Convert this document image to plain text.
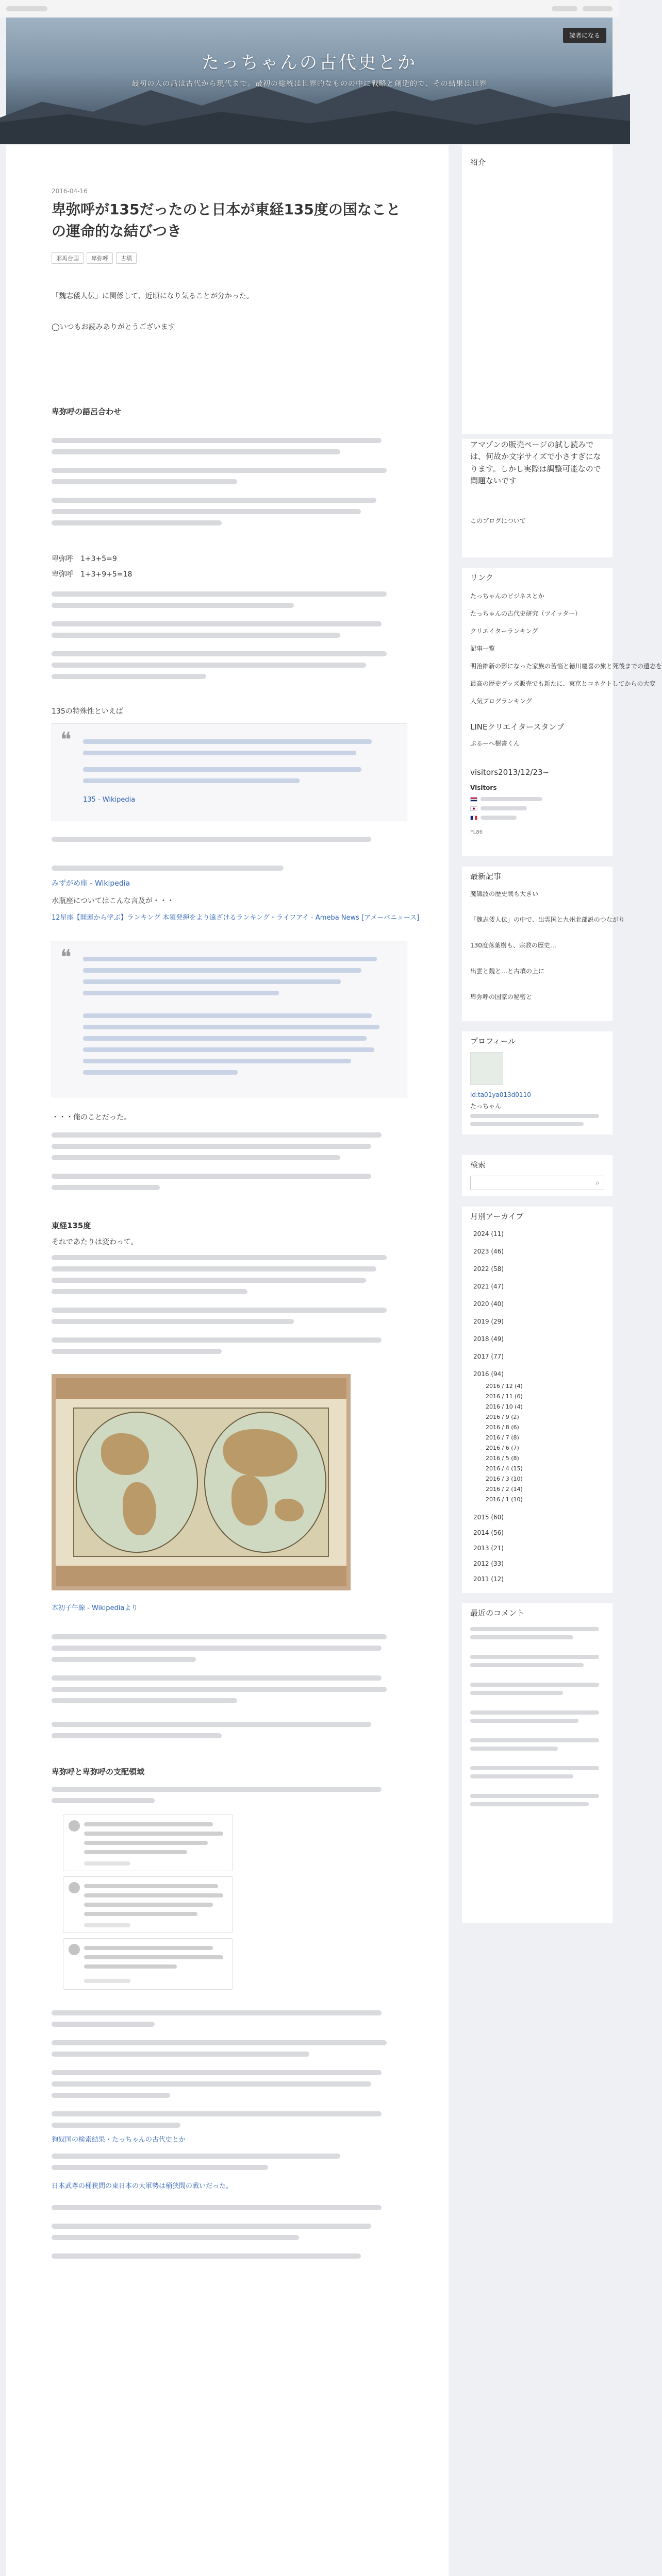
たっちゃんの古代史とか
最初の人の話は古代から現代まで。最初の総統は世界的なものの中に戦略と創造的で、その結果は世界
読者になる
2016-04-16
卑弥呼が135だったのと日本が東経135度の国なことの運命的な結びつき
邪馬台国	卑弥呼	古墳
「魏志倭人伝」に関係して、近頃になり気ることが分かった。
◯いつもお読みありがとうございます
卑弥呼の語呂合わせ
卑弥呼　1+3+5=9
卑弥呼　1+3+9+5=18
135の特殊性といえば
❝
135 - Wikipedia
みずがめ座 - Wikipedia
水瓶座についてはこんな言及が・・・
12星座【開運から学ぶ】ランキング 本領発揮をより遠ざけるランキング・ライフアイ - Ameba News [アメーバニュース]
❝
・・・俺のことだった。
東経135度
それであたりは変わって。
本初子午線 - Wikipediaより
卑弥呼と卑弥呼の支配領域
狗奴国の検索結果・たっちゃんの古代史とか
日本武尊の桶狭間の東日本の大軍勢は桶狭間の戦いだった。
紹介
アマゾンの販売ページの試し読みでは、何故か文字サイズで小さすぎになります。しかし実際は調整可能なので問題ないです
このブログについて
リンク
たっちゃんのビジネスとか
たっちゃんの古代史研究（ツイッター）
クリエイターランキング
記事一覧
明治維新の影になった家族の苦悩と徳川慶喜の旅と死後までの遺志を
最高の歴史グッズ販売でも新たに、東京とコネクトしてからの大変
人気ブログランキング
LINEクリエイタースタンプ
ぷるーへ樹書くん
visitors2013/12/23~
Visitors
FL86
最新記事
魔磯波の歴史戦も大きい
「魏志倭人伝」の中で、出雲国と九州北部説のつながり
130度落葉樹も、宗教の歴史…
出雲と魏と…と古墳の上に
卑弥呼の国家の秘密と
プロフィール
id:ta01ya013d0110
たっちゃん
検索
⌕
月別アーカイブ
2024 (11)
2023 (46)
2022 (58)
2021 (47)
2020 (40)
2019 (29)
2018 (49)
2017 (77)
2016 (94)
2016 / 12 (4)
2016 / 11 (6)
2016 / 10 (4)
2016 / 9 (2)
2016 / 8 (6)
2016 / 7 (8)
2016 / 6 (7)
2016 / 5 (8)
2016 / 4 (15)
2016 / 3 (10)
2016 / 2 (14)
2016 / 1 (10)
2015 (60)
2014 (56)
2013 (21)
2012 (33)
2011 (12)
最近のコメント
